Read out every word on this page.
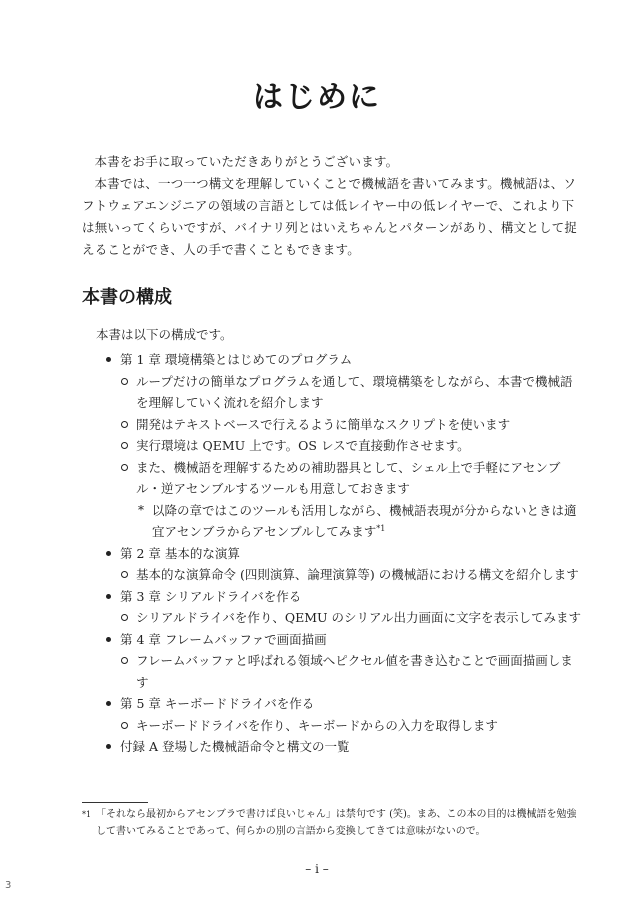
はじめに

本書をお手に取っていただきありがとうございます。

本書では、一つ一つ構文を理解していくことで機械語を書いてみます。機械語は、ソフトウェアエンジニアの領域の言語としては低レイヤー中の低レイヤーで、これより下は無いってくらいですが、バイナリ列とはいえちゃんとパターンがあり、構文として捉えることができ、人の手で書くこともできます。

本書の構成
本書は以下の構成です。
第 1 章 環境構築とはじめてのプログラム
ループだけの簡単なプログラムを通して、環境構築をしながら、本書で機械語を理解していく流れを紹介します
開発はテキストベースで行えるように簡単なスクリプトを使います
実行環境は QEMU 上です。OS レスで直接動作させます。
また、機械語を理解するための補助器具として、シェル上で手軽にアセンブル・逆アセンブルするツールも用意しておきます
* 以降の章ではこのツールも活用しながら、機械語表現が分からないときは適宜アセンブラからアセンブルしてみます$^{*1}$
第 2 章 基本的な演算
基本的な演算命令 (四則演算、論理演算等) の機械語における構文を紹介します
第 3 章 シリアルドライバを作る
シリアルドライバを作り、QEMU のシリアル出力画面に文字を表示してみます
第 4 章 フレームバッファで画面描画
フレームバッファと呼ばれる領域へピクセル値を書き込むことで画面描画します
第 5 章 キーボードドライバを作る
キーボードドライバを作り、キーボードからの入力を取得します
付録 A 登場した機械語命令と構文の一覧
*1 「それなら最初からアセンブラで書けば良いじゃん」は禁句です (笑)。まあ、この本の目的は機械語を勉強して書いてみることであって、何らかの別の言語から変換してきては意味がないので。
– i –
3
